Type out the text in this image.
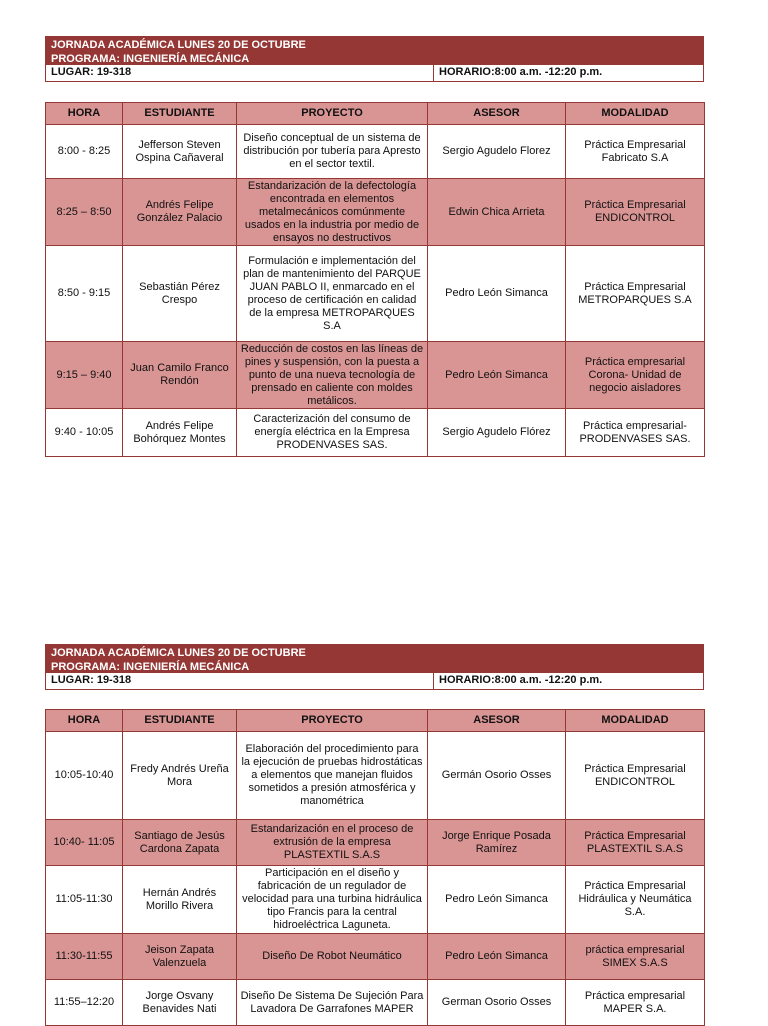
JORNADA ACADÉMICA LUNES 20 DE OCTUBRE
PROGRAMA: INGENIERÍA MECÁNICA
LUGAR: 19-318	HORARIO:8:00 a.m. -12:20 p.m.
HORA	ESTUDIANTE	PROYECTO	ASESOR	MODALIDAD
8:00 - 8:25	Jefferson Steven Ospina Cañaveral	Diseño conceptual de un sistema de distribución por tubería para Apresto en el sector textil.	Sergio Agudelo Florez	Práctica Empresarial Fabricato S.A
8:25 – 8:50	Andrés Felipe González Palacio	Estandarización de la defectología encontrada en elementos metalmecánicos comúnmente usados en la industria por medio de ensayos no destructivos	Edwin Chica Arrieta	Práctica Empresarial ENDICONTROL
8:50 - 9:15	Sebastián Pérez Crespo	Formulación e implementación del plan de mantenimiento del PARQUE JUAN PABLO II, enmarcado en el proceso de certificación en calidad de la empresa METROPARQUES S.A	Pedro León Simanca	Práctica Empresarial METROPARQUES S.A
9:15 – 9:40	Juan Camilo Franco Rendón	Reducción de costos en las líneas de pines y suspensión, con la puesta a punto de una nueva tecnología de prensado en caliente con moldes metálicos.	Pedro León Simanca	Práctica empresarial Corona- Unidad de negocio aisladores
9:40 - 10:05	Andrés Felipe Bohórquez Montes	Caracterización del consumo de energía eléctrica en la Empresa PRODENVASES SAS.	Sergio Agudelo Flórez	Práctica empresarial- PRODENVASES SAS.
JORNADA ACADÉMICA LUNES 20 DE OCTUBRE
PROGRAMA: INGENIERÍA MECÁNICA
LUGAR: 19-318	HORARIO:8:00 a.m. -12:20 p.m.
HORA	ESTUDIANTE	PROYECTO	ASESOR	MODALIDAD
10:05-10:40	Fredy Andrés Ureña Mora	Elaboración del procedimiento para la ejecución de pruebas hidrostáticas a elementos que manejan fluidos sometidos a presión atmosférica y manométrica	Germán Osorio Osses	Práctica Empresarial ENDICONTROL
10:40- 11:05	Santiago de Jesús Cardona Zapata	Estandarización en el proceso de extrusión de la empresa PLASTEXTIL S.A.S	Jorge Enrique Posada Ramírez	Práctica Empresarial PLASTEXTIL S.A.S
11:05-11:30	Hernán Andrés Morillo Rivera	Participación en el diseño y fabricación de un regulador de velocidad para una turbina hidráulica tipo Francis para la central hidroeléctrica Laguneta.	Pedro León Simanca	Práctica Empresarial Hidráulica y Neumática S.A.
11:30-11:55	Jeison Zapata Valenzuela	Diseño De Robot Neumático	Pedro León Simanca	práctica empresarial SIMEX S.A.S
11:55–12:20	Jorge Osvany Benavides Nati	Diseño De Sistema De Sujeción Para Lavadora De Garrafones MAPER	German Osorio Osses	Práctica empresarial MAPER S.A.
